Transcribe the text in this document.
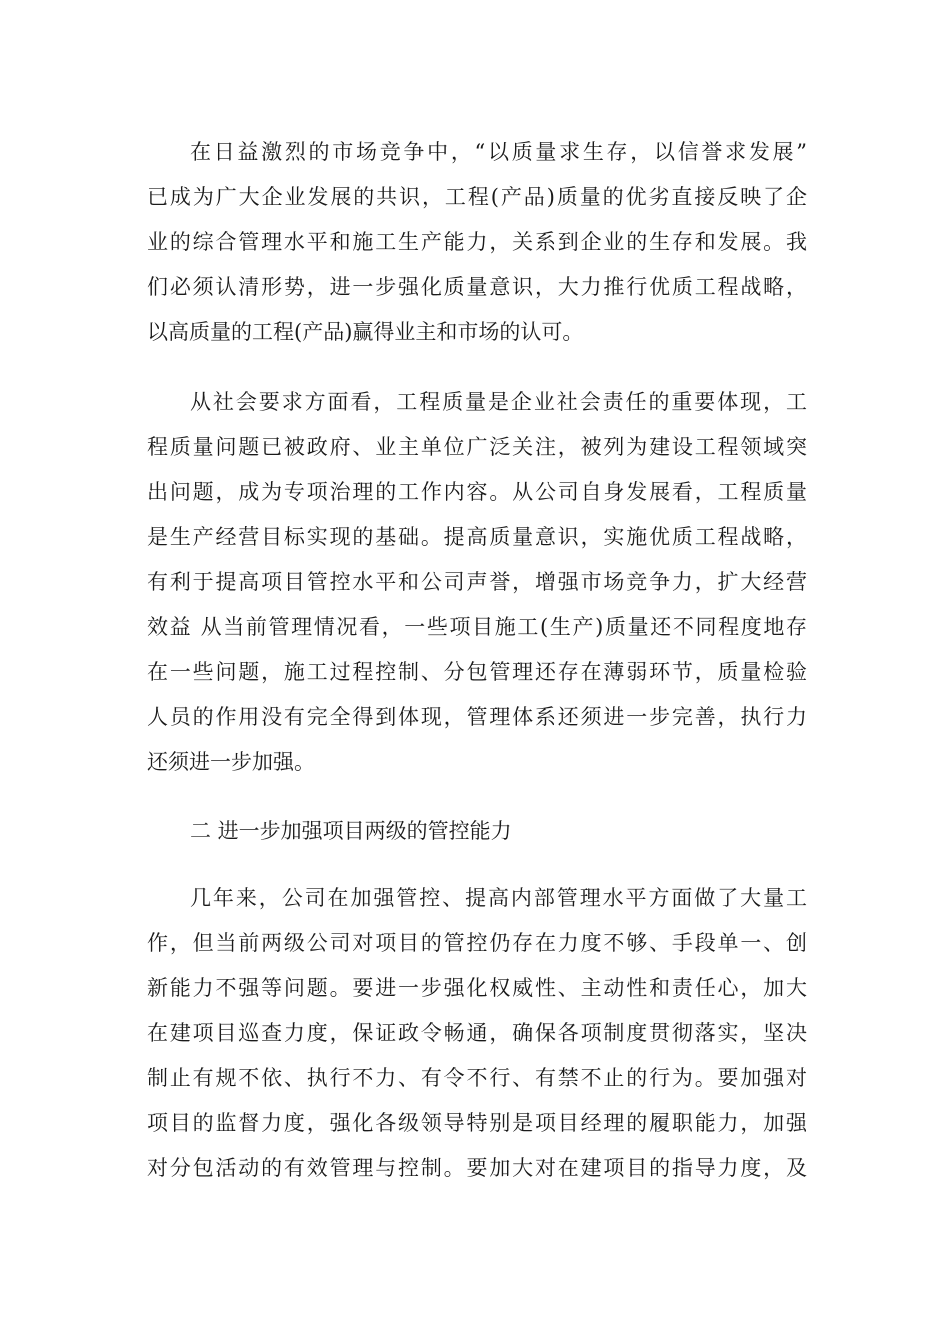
在日益激烈的市场竞争中，“以质量求生存，以信誉求发展”
已成为广大企业发展的共识，工程(产品)质量的优劣直接反映了企
业的综合管理水平和施工生产能力，关系到企业的生存和发展。我
们必须认清形势，进一步强化质量意识，大力推行优质工程战略，
以高质量的工程(产品)赢得业主和市场的认可。
从社会要求方面看，工程质量是企业社会责任的重要体现，工
程质量问题已被政府、业主单位广泛关注，被列为建设工程领域突
出问题，成为专项治理的工作内容。从公司自身发展看，工程质量
是生产经营目标实现的基础。提高质量意识，实施优质工程战略，
有利于提高项目管控水平和公司声誉，增强市场竞争力，扩大经营
效益 从当前管理情况看，一些项目施工(生产)质量还不同程度地存
在一些问题，施工过程控制、分包管理还存在薄弱环节，质量检验
人员的作用没有完全得到体现，管理体系还须进一步完善，执行力
还须进一步加强。
二 进一步加强项目两级的管控能力
几年来，公司在加强管控、提高内部管理水平方面做了大量工
作，但当前两级公司对项目的管控仍存在力度不够、手段单一、创
新能力不强等问题。要进一步强化权威性、主动性和责任心，加大
在建项目巡查力度，保证政令畅通，确保各项制度贯彻落实，坚决
制止有规不依、执行不力、有令不行、有禁不止的行为。要加强对
项目的监督力度，强化各级领导特别是项目经理的履职能力，加强
对分包活动的有效管理与控制。要加大对在建项目的指导力度，及
